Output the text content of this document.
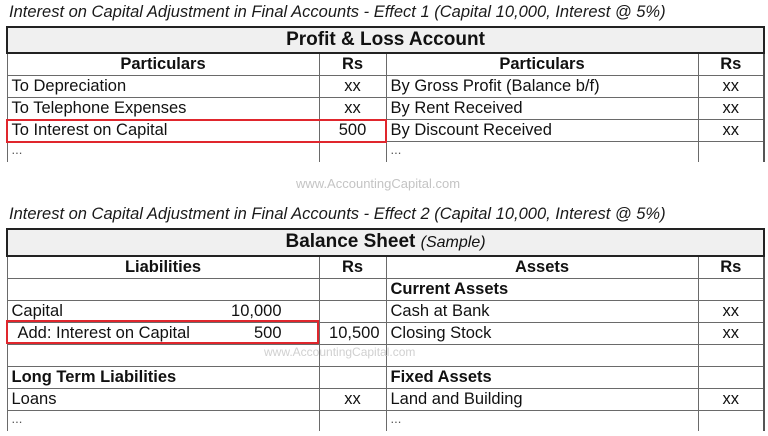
Interest on Capital Adjustment in Final Accounts - Effect 1 (Capital 10,000, Interest @ 5%)
Profit & Loss Account			
Particulars	Rs	Particulars	Rs
To Depreciation	xx	By Gross Profit (Balance b/f)	xx
To Telephone Expenses	xx	By Rent Received	xx
To Interest on Capital	500	By Discount Received	xx
...		...	
www.AccountingCapital.com
Interest on Capital Adjustment in Final Accounts - Effect 2 (Capital 10,000, Interest @ 5%)
Balance Sheet (Sample)			
Liabilities	Rs	Assets	Rs
		Current Assets	

Capital 10,000		Cash at Bank	xx

Add: Interest on Capital 500	10,500	Closing Stock	xx

Long Term Liabilities		Fixed Assets	
Loans	xx	Land and Building	xx
...		...	
www.AccountingCapital.com
